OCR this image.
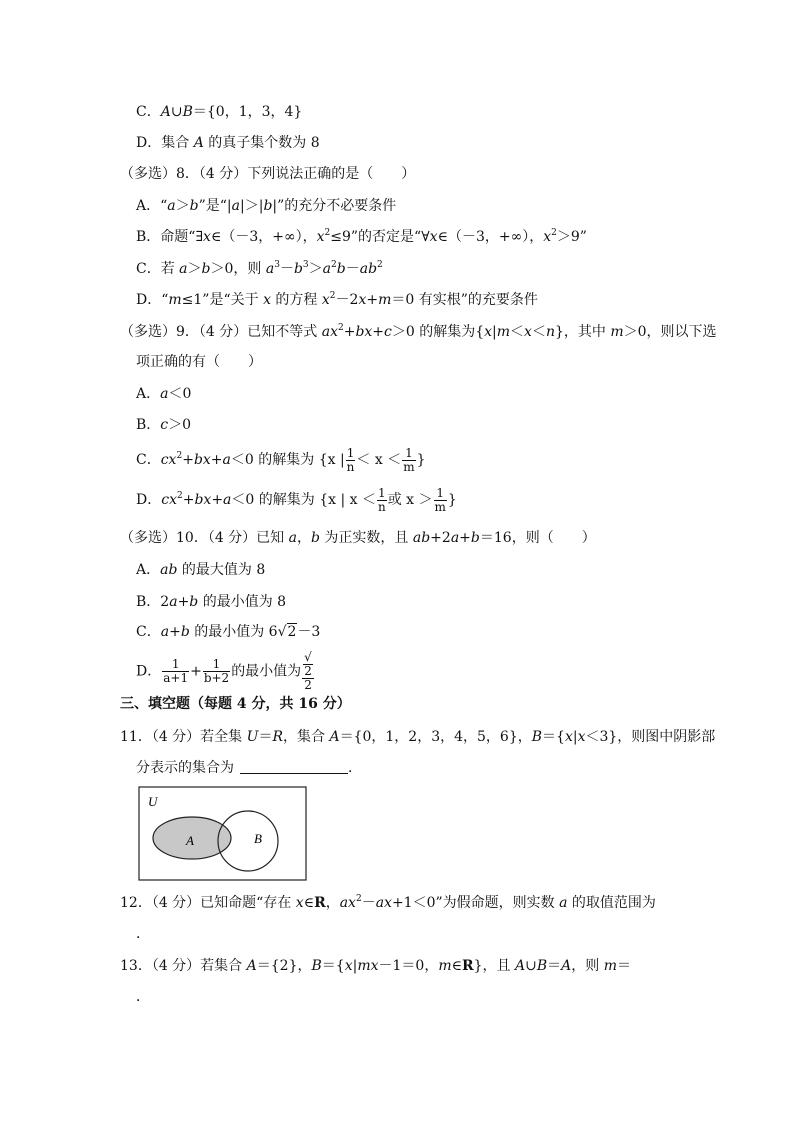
C．A∪B＝{0，1，3，4}
D．集合 A 的真子集个数为 8
（多选）8．（4 分）下列说法正确的是（　　）
A．“a＞b”是“|a|＞|b|”的充分不必要条件
B．命题“∃x∈（－3，+∞），$x^2\le 9$”的否定是“∀x∈（－3，+∞），$x^2>9$”
C．若 a＞b＞0，则 $a^3-b^3>a^2b-ab^2$
D．“m≤1”是“关于 x 的方程 $x^2-2x+m=0$ 有实根”的充要条件
（多选）9．（4 分）已知不等式 $ax^2+bx+c>0$ 的解集为{x|m＜x＜n}，其中 m＞0，则以下选
项正确的有（　　）
A．a＜0
B．c＞0
C．$cx^2+bx+a<0$ 的解集为 {x | $\frac{1}{n} < x < \frac{1}{m}$ }
D．$cx^2+bx+a<0$ 的解集为 {x | $x < \frac{1}{n}$ 或 $x > \frac{1}{m}$ }
（多选）10．（4 分）已知 a，b 为正实数，且 ab+2a+b＝16，则（　　）
A．ab 的最大值为 8
B．2a+b 的最小值为 8
C．a+b 的最小值为 6√2－3
D． $\frac{1}{a+1} + \frac{1}{b+2}$ 的最小值为 √
2
2
三、填空题（每题 4 分，共 16 分）
11．（4 分）若全集 U＝R，集合 A＝{0，1，2，3，4，5，6}，B＝{x|x＜3}，则图中阴影部
分表示的集合为	．
U
A	B
12．（4 分）已知命题“存在 x∈R，$ax^2-ax+1<0$”为假命题，则实数 a 的取值范围为
．
13．（4 分）若集合 A＝{2}，B＝{x|mx－1＝0，m∈R}，且 A∪B＝A，则 m＝
．
